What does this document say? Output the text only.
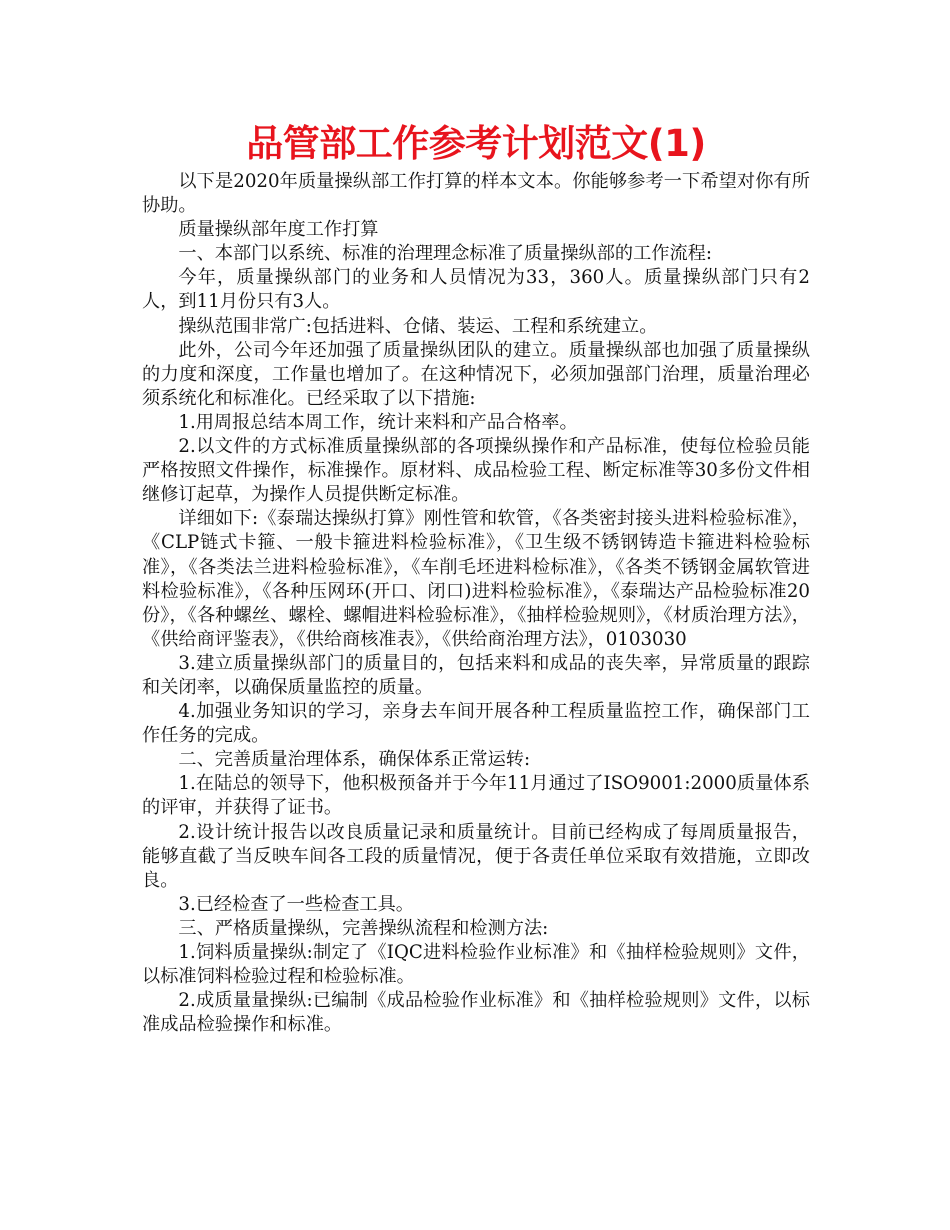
品管部工作参考计划范文(1)

以下是2020年质量操纵部工作打算的样本文本。你能够参考一下希望对你有所协助。

质量操纵部年度工作打算

一、本部门以系统、标准的治理理念标准了质量操纵部的工作流程:

今年，质量操纵部门的业务和人员情况为33，360人。质量操纵部门只有2人，到11月份只有3人。

操纵范围非常广:包括进料、仓储、装运、工程和系统建立。

此外，公司今年还加强了质量操纵团队的建立。质量操纵部也加强了质量操纵的力度和深度，工作量也增加了。在这种情况下，必须加强部门治理，质量治理必须系统化和标准化。已经采取了以下措施:

1.用周报总结本周工作，统计来料和产品合格率。

2.以文件的方式标准质量操纵部的各项操纵操作和产品标准，使每位检验员能严格按照文件操作，标准操作。原材料、成品检验工程、断定标准等30多份文件相继修订起草，为操作人员提供断定标准。

详细如下:《泰瑞达操纵打算》刚性管和软管，《各类密封接头进料检验标准》，《CLP链式卡箍、一般卡箍进料检验标准》，《卫生级不锈钢铸造卡箍进料检验标准》，《各类法兰进料检验标准》，《车削毛坯进料检标准》，《各类不锈钢金属软管进料检验标准》，《各种压网环(开口、闭口)进料检验标准》，《泰瑞达产品检验标准20份》，《各种螺丝、螺栓、螺帽进料检验标准》，《抽样检验规则》，《材质治理方法》，《供给商评鉴表》，《供给商核准表》，《供给商治理方法》，0103030

3.建立质量操纵部门的质量目的，包括来料和成品的丧失率，异常质量的跟踪和关闭率，以确保质量监控的质量。

4.加强业务知识的学习，亲身去车间开展各种工程质量监控工作，确保部门工作任务的完成。

二、完善质量治理体系，确保体系正常运转:

1.在陆总的领导下，他积极预备并于今年11月通过了ISO9001:2000质量体系的评审，并获得了证书。

2.设计统计报告以改良质量记录和质量统计。目前已经构成了每周质量报告，能够直截了当反映车间各工段的质量情况，便于各责任单位采取有效措施，立即改良。

3.已经检查了一些检查工具。

三、严格质量操纵，完善操纵流程和检测方法:

1.饲料质量操纵:制定了《IQC进料检验作业标准》和《抽样检验规则》文件，以标准饲料检验过程和检验标准。

2.成质量量操纵:已编制《成品检验作业标准》和《抽样检验规则》文件，以标准成品检验操作和标准。
